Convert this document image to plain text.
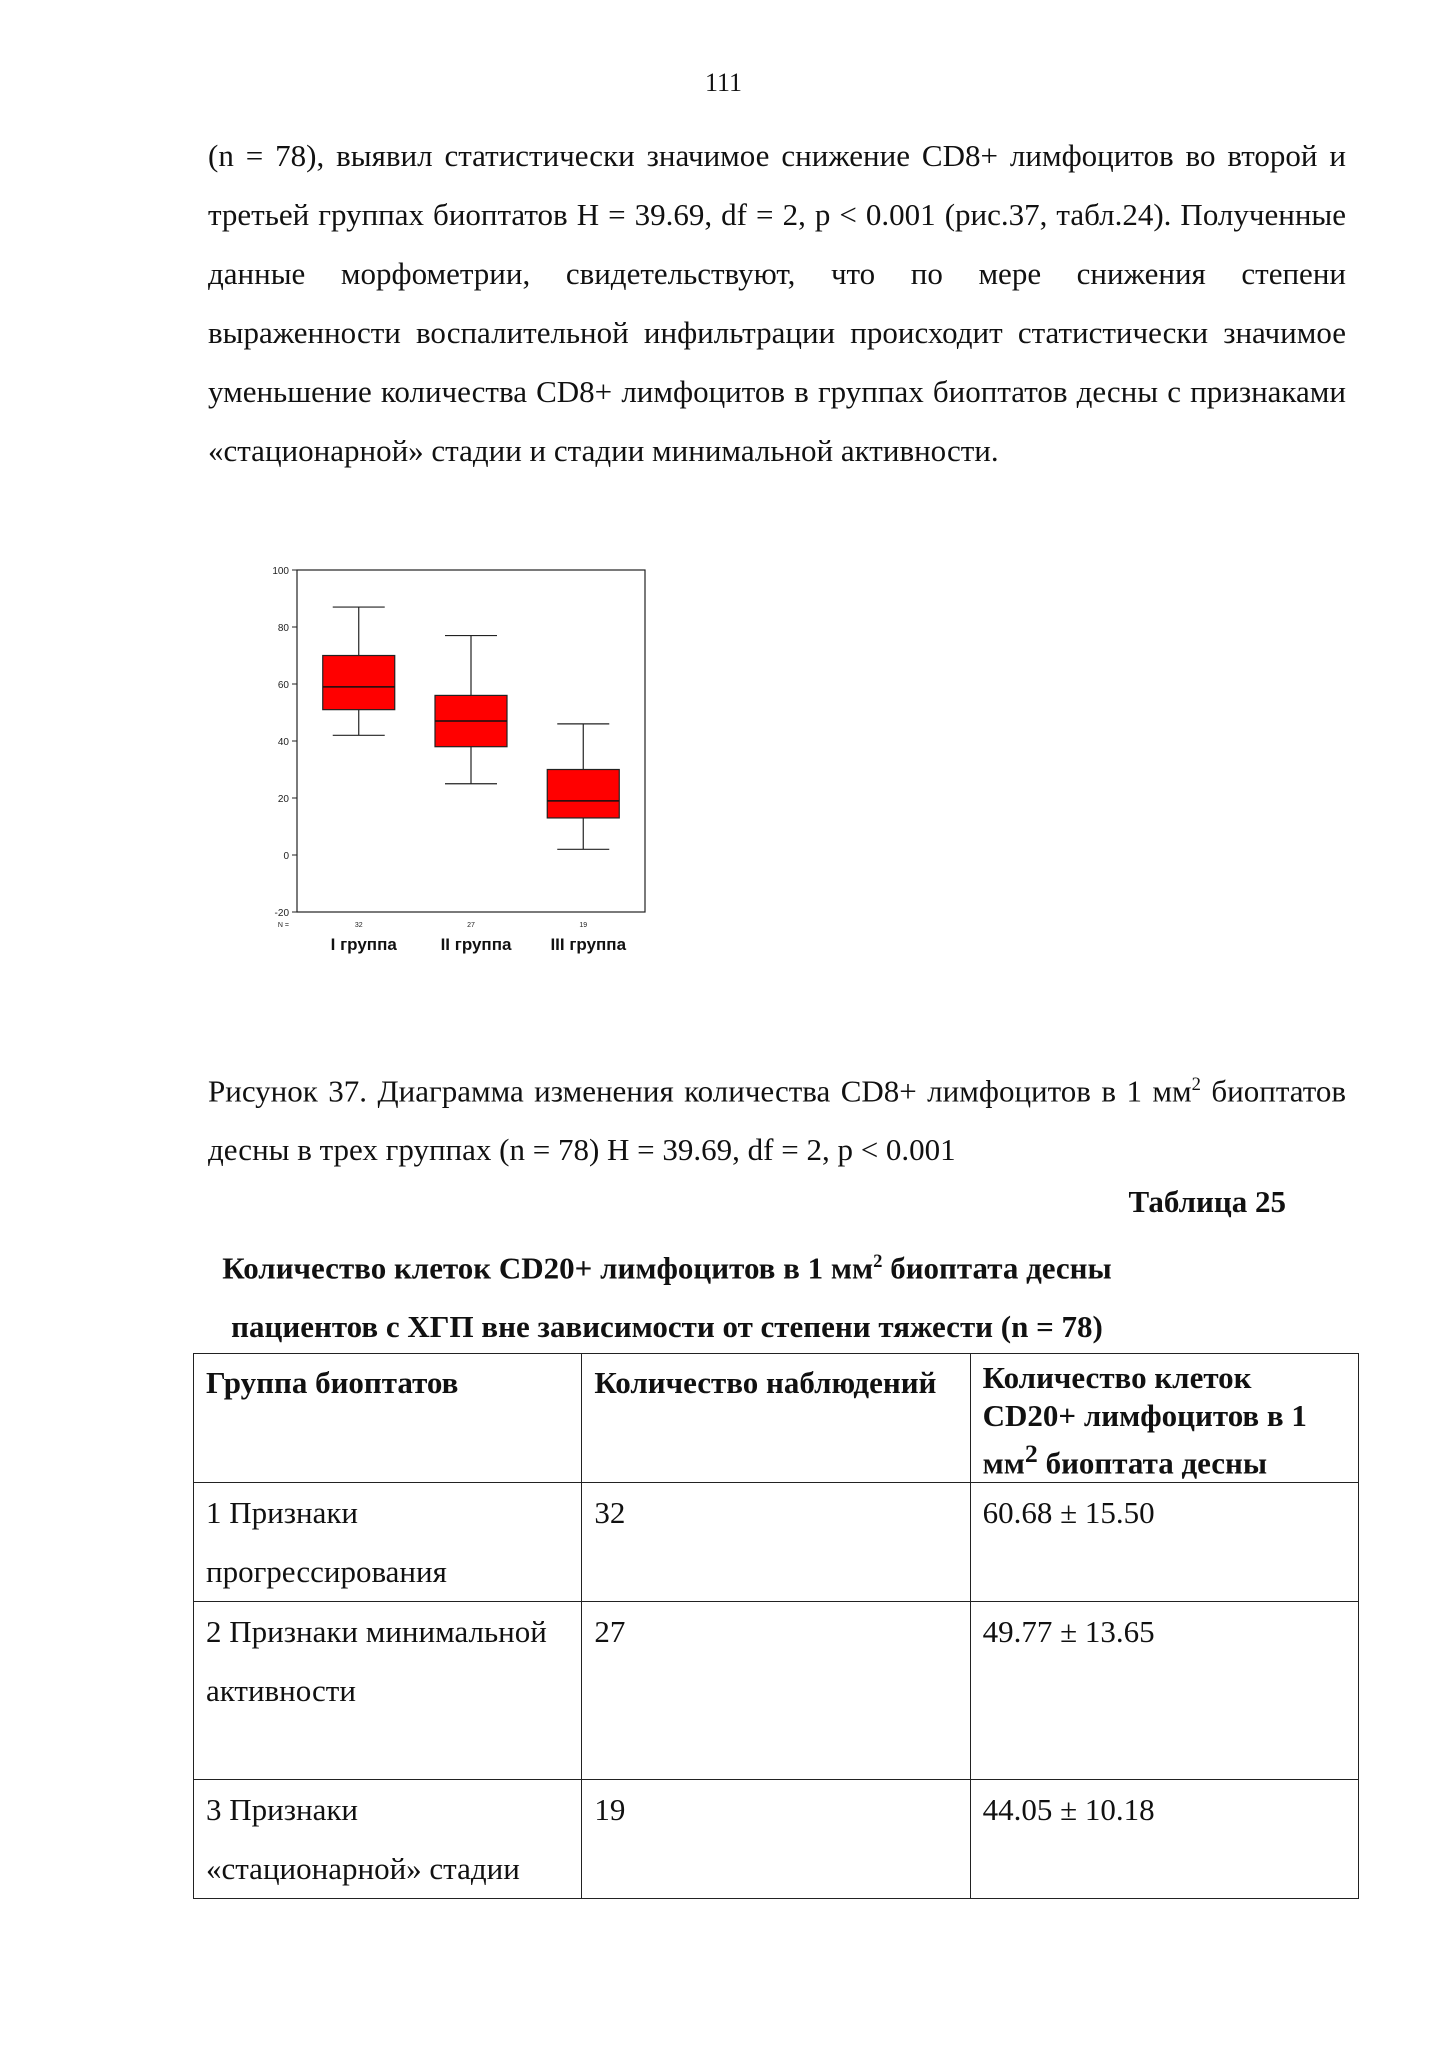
111
(n = 78), выявил статистически значимое снижение CD8+ лимфоцитов во второй и третьей группах биоптатов H = 39.69, df = 2, p < 0.001 (рис.37, табл.24). Полученные данные морфометрии, свидетельствуют, что по мере снижения степени выраженности воспалительной инфильтрации происходит статистически значимое уменьшение количества CD8+ лимфоцитов в группах биоптатов десны с признаками «стационарной» стадии и стадии минимальной активности.
100
80
60
40
20
0
-20
N =	32
I группа
27
II группа
19
III группа
Рисунок 37. Диаграмма изменения количества CD8+ лимфоцитов в 1 $мм^2$ биоптатов десны в трех группах (n = 78) H = 39.69, df = 2, p < 0.001
Таблица 25
Количество клеток CD20+ лимфоцитов в 1 $мм^2$ биоптата десны
пациентов с ХГП вне зависимости от степени тяжести (n = 78)
Группа биоптатов	Количество наблюдений	Количество клеток CD20+ лимфоцитов в 1 $мм^2$ биоптата десны
1 Признаки прогрессирования	32	60.68 ± 15.50
2 Признаки минимальной активности	27	49.77 ± 13.65
3 Признаки «стационарной» стадии	19	44.05 ± 10.18
